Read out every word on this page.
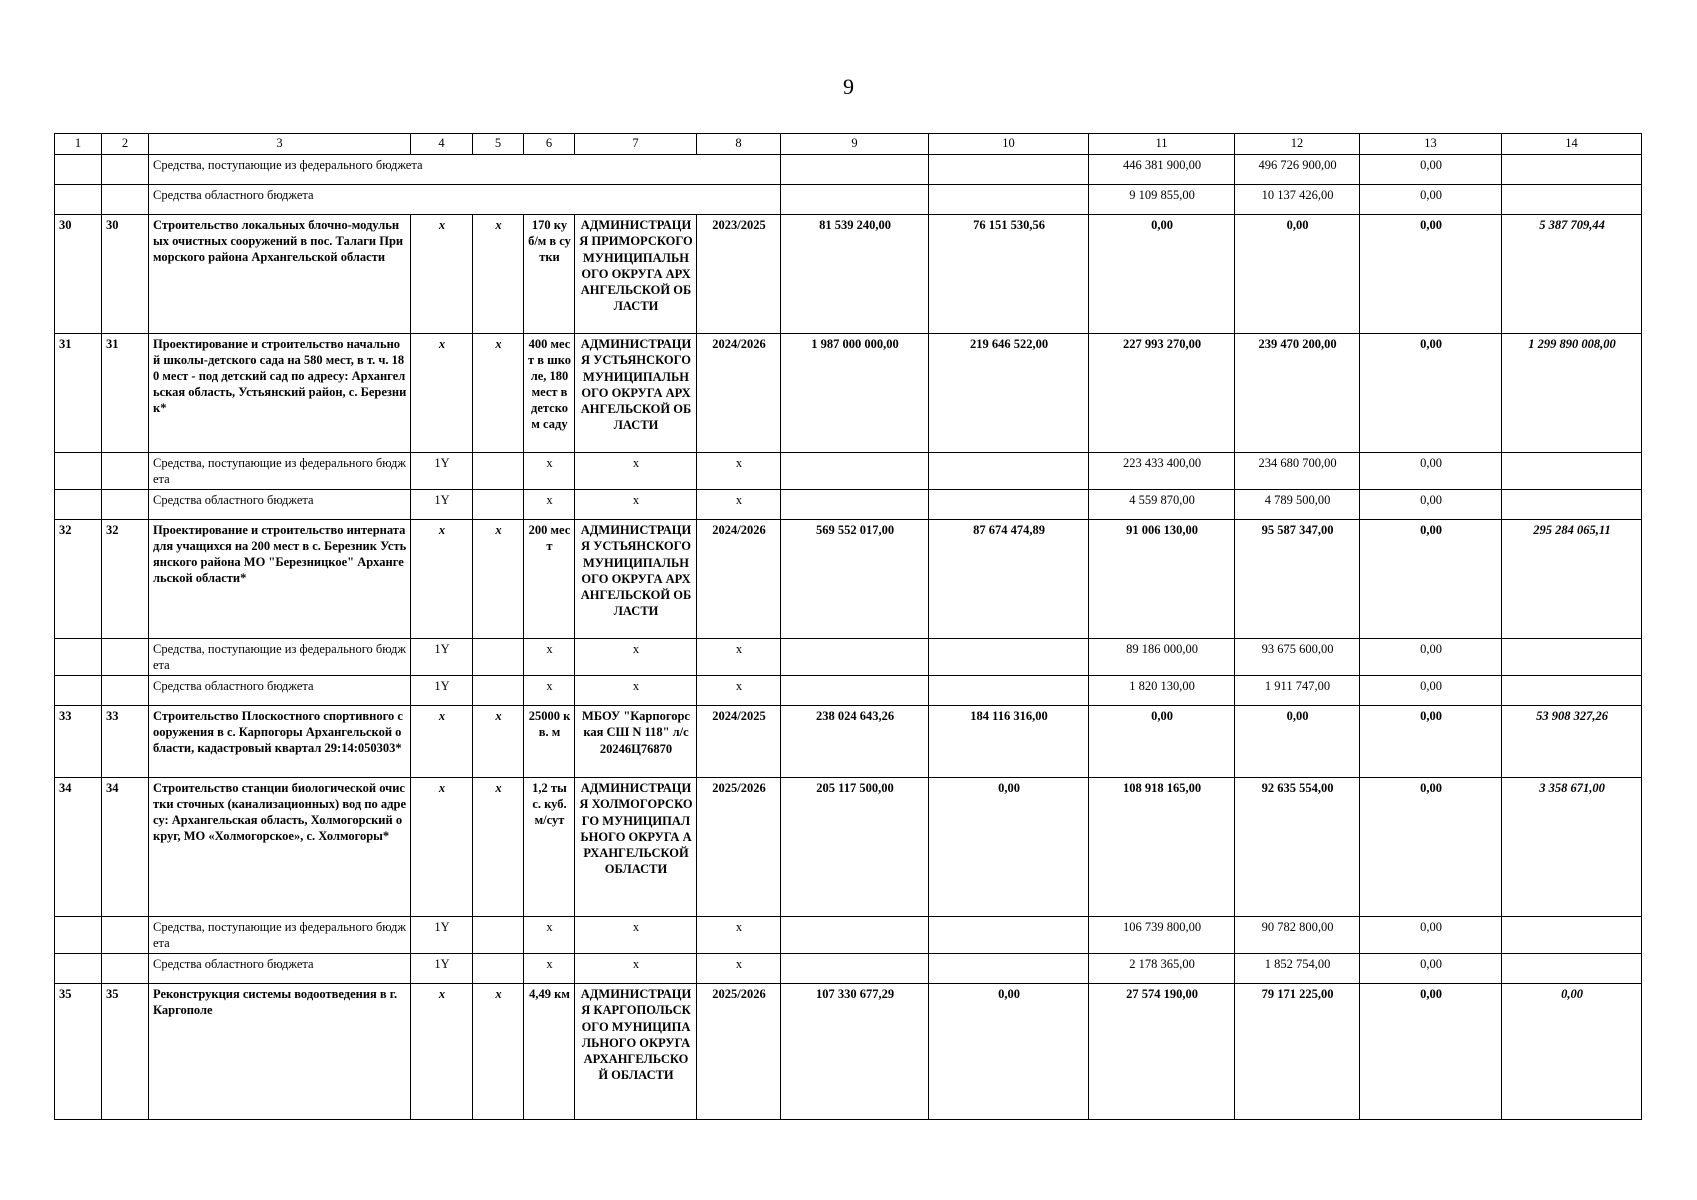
9
1	2	3	4	5	6	7	8	9	10	11	12	13	14
		Средства, поступающие из федерального бюджета								446 381 900,00	496 726 900,00	0,00	
		Средства областного бюджета								9 109 855,00	10 137 426,00	0,00	
30	30	Строительство локальных блочно-модульных очистных сооружений в пос. Талаги Приморского района Архангельской области	x	x	170 куб/м в сутки	АДМИНИСТРАЦИЯ ПРИМОРСКОГО МУНИЦИПАЛЬНОГО ОКРУГА АРХАНГЕЛЬСКОЙ ОБЛАСТИ	2023/2025	81 539 240,00	76 151 530,56	0,00	0,00	0,00	5 387 709,44
31	31	Проектирование и строительство начальной школы-детского сада на 580 мест, в т. ч. 180 мест - под детский сад по адресу: Архангельская область, Устьянский район, с. Березник*	x	x	400 мест в школе, 180 мест в детском саду	АДМИНИСТРАЦИЯ УСТЬЯНСКОГО МУНИЦИПАЛЬНОГО ОКРУГА АРХАНГЕЛЬСКОЙ ОБЛАСТИ	2024/2026	1 987 000 000,00	219 646 522,00	227 993 270,00	239 470 200,00	0,00	1 299 890 008,00
		Средства, поступающие из федерального бюджета	1Y		x	x	x			223 433 400,00	234 680 700,00	0,00	
		Средства областного бюджета	1Y		x	x	x			4 559 870,00	4 789 500,00	0,00	
32	32	Проектирование и строительство интерната для учащихся на 200 мест в с. Березник Устьянского района МО "Березницкое" Архангельской области*	x	x	200 мест	АДМИНИСТРАЦИЯ УСТЬЯНСКОГО МУНИЦИПАЛЬНОГО ОКРУГА АРХАНГЕЛЬСКОЙ ОБЛАСТИ	2024/2026	569 552 017,00	87 674 474,89	91 006 130,00	95 587 347,00	0,00	295 284 065,11
		Средства, поступающие из федерального бюджета	1Y		x	x	x			89 186 000,00	93 675 600,00	0,00	
		Средства областного бюджета	1Y		x	x	x			1 820 130,00	1 911 747,00	0,00	
33	33	Строительство Плоскостного спортивного сооружения в с. Карпогоры Архангельской области, кадастровый квартал 29:14:050303*	x	x	25000 кв. м	МБОУ "Карпогорская СШ N 118" л/с 20246Ц76870	2024/2025	238 024 643,26	184 116 316,00	0,00	0,00	0,00	53 908 327,26
34	34	Строительство станции биологической очистки сточных (канализационных) вод по адресу: Архангельская область, Холмогорский округ, МО «Холмогорское», с. Холмогоры*	x	x	1,2 тыс. куб. м/сут	АДМИНИСТРАЦИЯ ХОЛМОГОРСКОГО МУНИЦИПАЛЬНОГО ОКРУГА АРХАНГЕЛЬСКОЙ ОБЛАСТИ	2025/2026	205 117 500,00	0,00	108 918 165,00	92 635 554,00	0,00	3 358 671,00
		Средства, поступающие из федерального бюджета	1Y		x	x	x			106 739 800,00	90 782 800,00	0,00	
		Средства областного бюджета	1Y		x	x	x			2 178 365,00	1 852 754,00	0,00	
35	35	Реконструкция системы водоотведения в г. Каргополе	x	x	4,49 км	АДМИНИСТРАЦИЯ КАРГОПОЛЬСКОГО МУНИЦИПАЛЬНОГО ОКРУГА АРХАНГЕЛЬСКОЙ ОБЛАСТИ	2025/2026	107 330 677,29	0,00	27 574 190,00	79 171 225,00	0,00	0,00
